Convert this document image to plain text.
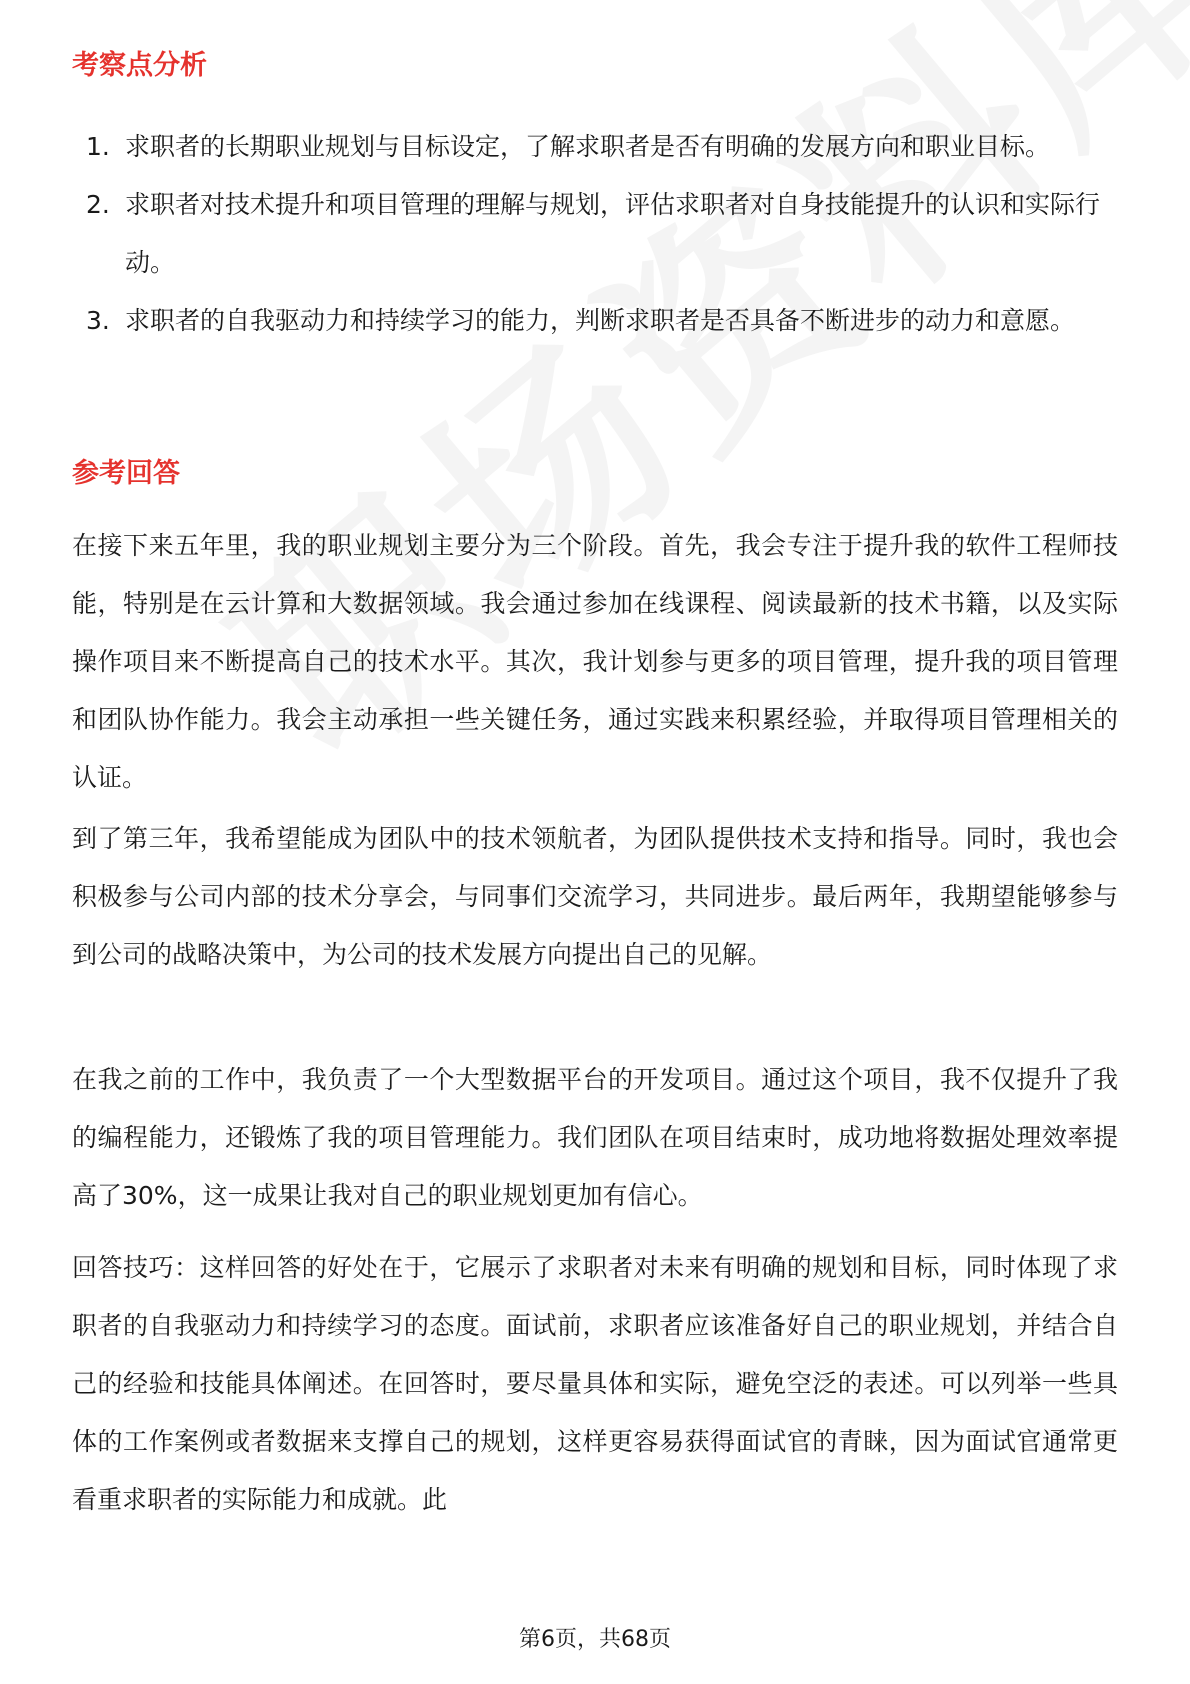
考察点分析
1. 求职者的长期职业规划与目标设定，了解求职者是否有明确的发展方向和职业目标。
2. 求职者对技术提升和项目管理的理解与规划，评估求职者对自身技能提升的认识和实际行动。
3. 求职者的自我驱动力和持续学习的能力，判断求职者是否具备不断进步的动力和意愿。
参考回答

在接下来五年里，我的职业规划主要分为三个阶段。首先，我会专注于提升我的软件工程师技能，特别是在云计算和大数据领域。我会通过参加在线课程、阅读最新的技术书籍，以及实际操作项目来不断提高自己的技术水平。其次，我计划参与更多的项目管理，提升我的项目管理和团队协作能力。我会主动承担一些关键任务，通过实践来积累经验，并取得项目管理相关的认证。

到了第三年，我希望能成为团队中的技术领航者，为团队提供技术支持和指导。同时，我也会积极参与公司内部的技术分享会，与同事们交流学习，共同进步。最后两年，我期望能够参与到公司的战略决策中，为公司的技术发展方向提出自己的见解。

在我之前的工作中，我负责了一个大型数据平台的开发项目。通过这个项目，我不仅提升了我的编程能力，还锻炼了我的项目管理能力。我们团队在项目结束时，成功地将数据处理效率提高了30%，这一成果让我对自己的职业规划更加有信心。

回答技巧：这样回答的好处在于，它展示了求职者对未来有明确的规划和目标，同时体现了求职者的自我驱动力和持续学习的态度。面试前，求职者应该准备好自己的职业规划，并结合自己的经验和技能具体阐述。在回答时，要尽量具体和实际，避免空泛的表述。可以列举一些具体的工作案例或者数据来支撑自己的规划，这样更容易获得面试官的青睐，因为面试官通常更看重求职者的实际能力和成就。此

第6页，共68页
